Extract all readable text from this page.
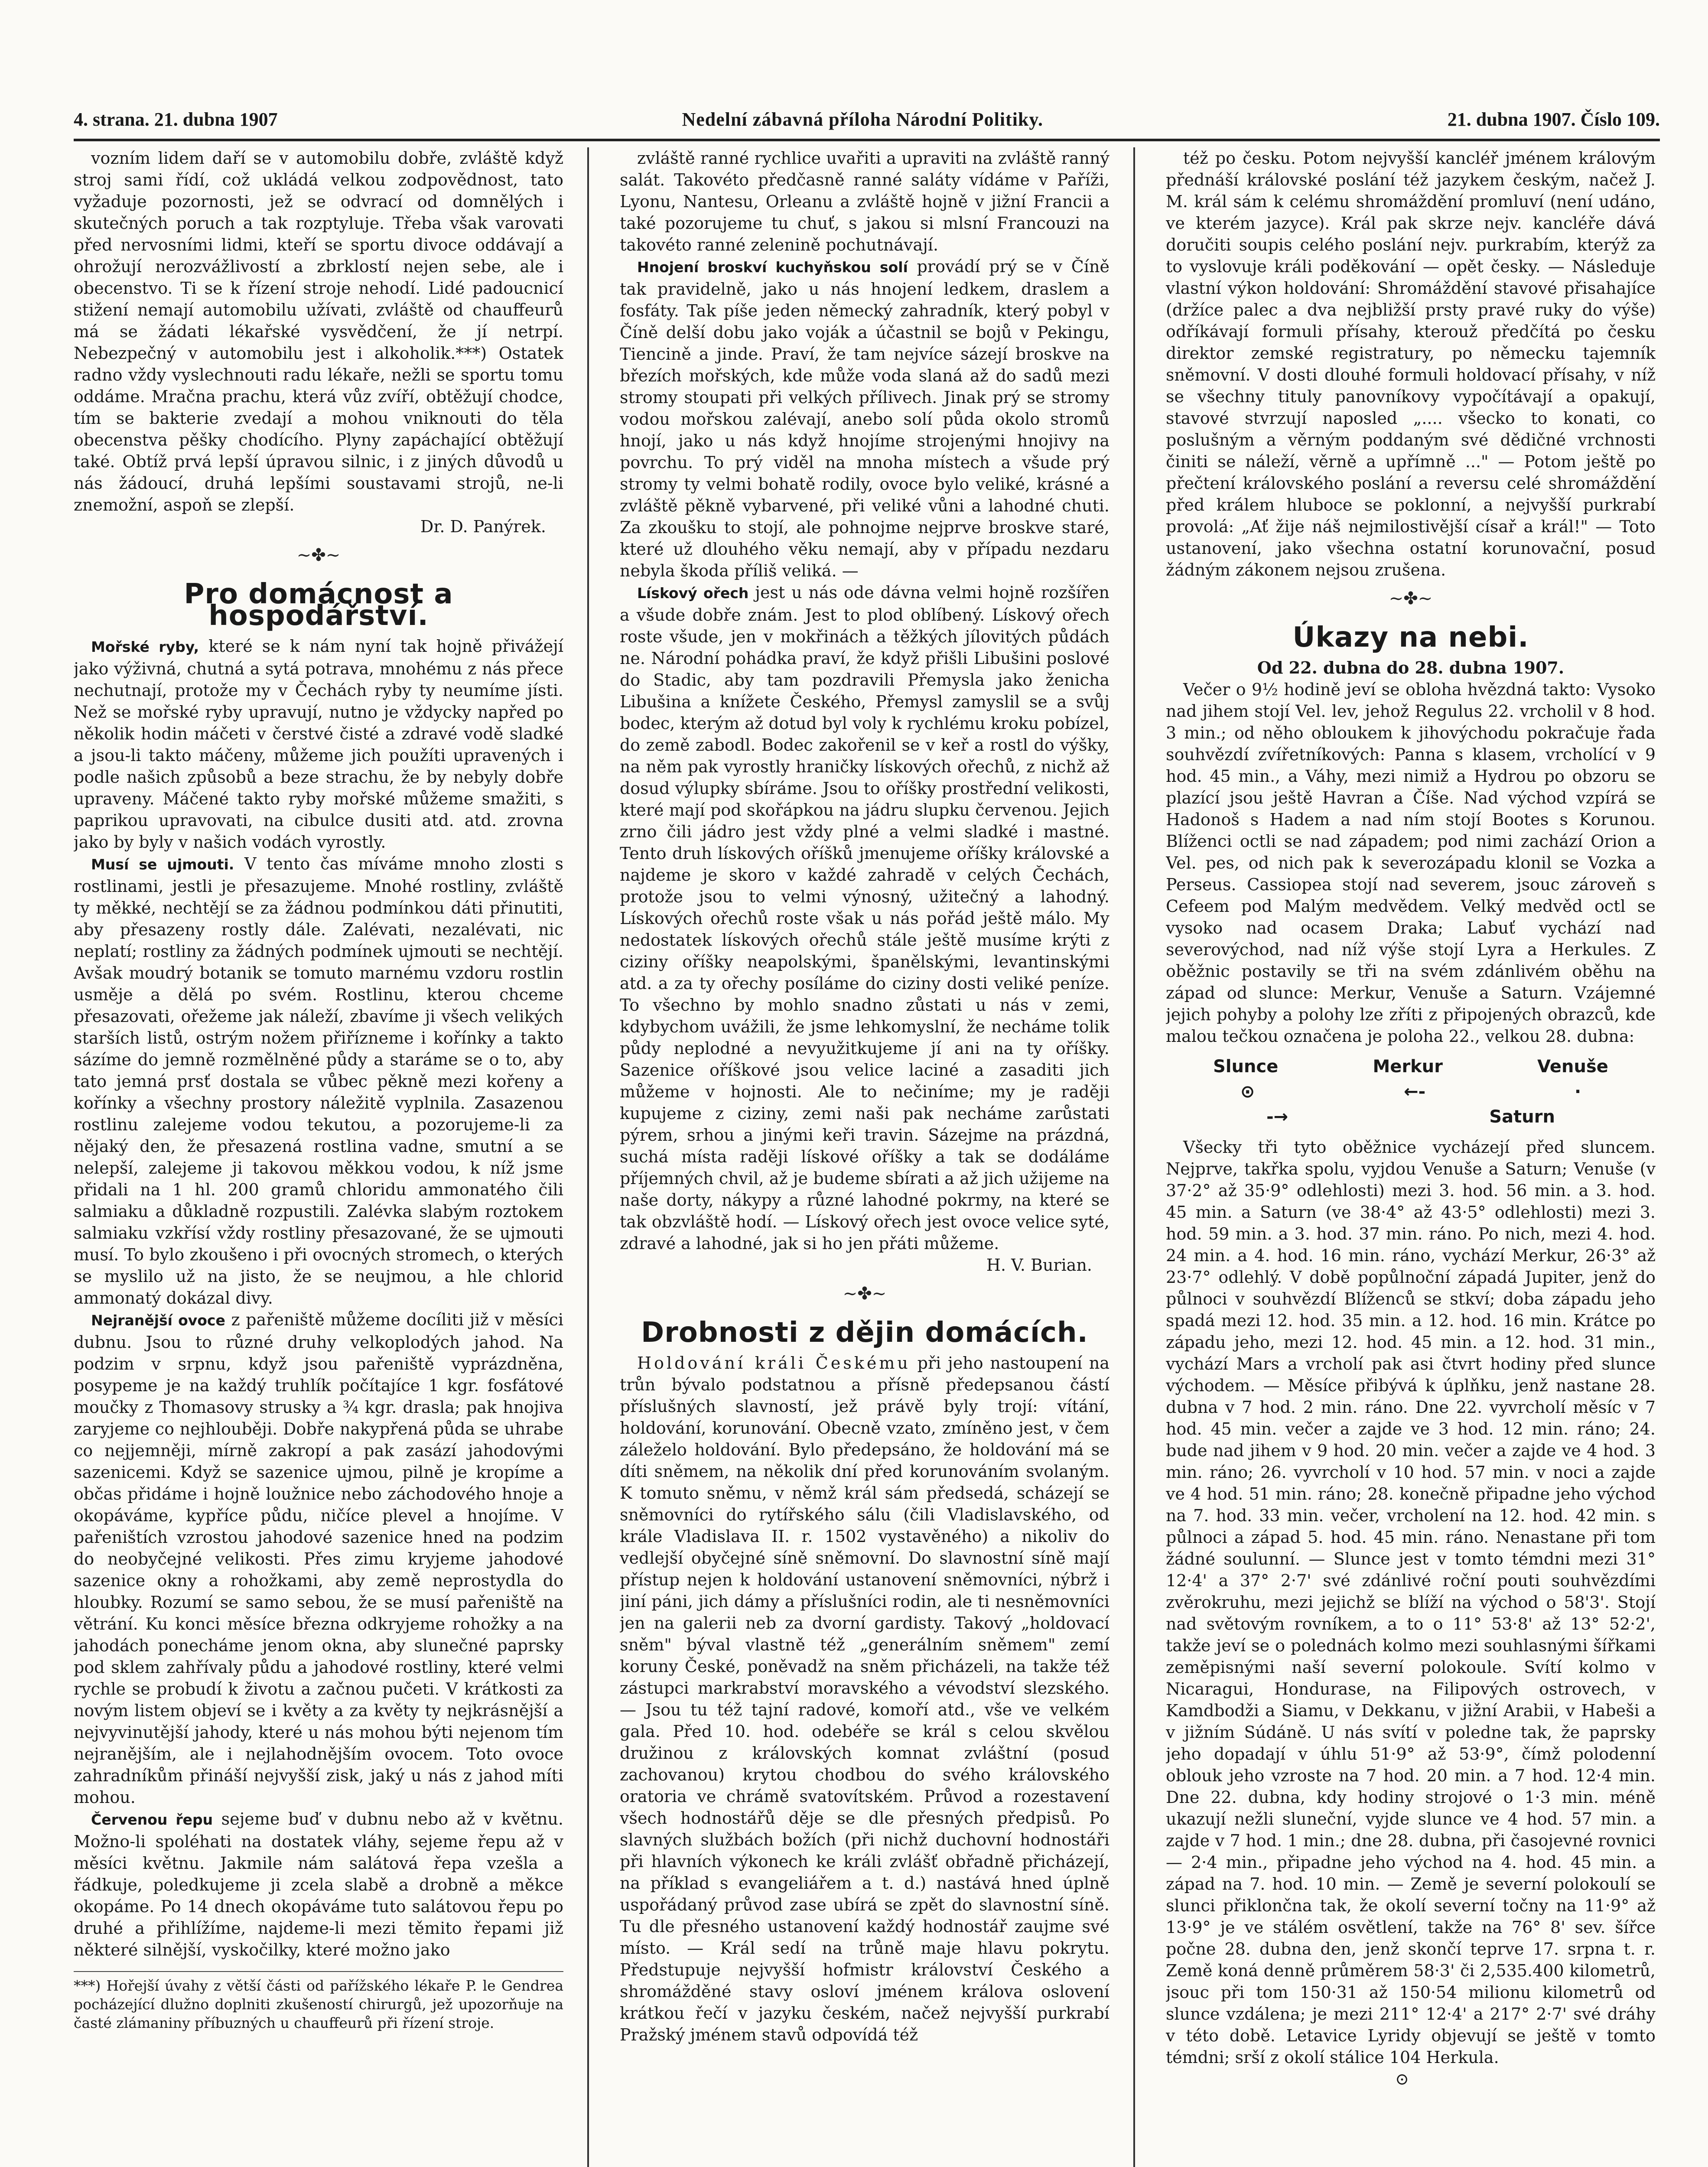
4. strana. 21. dubna 1907	Nedelní zábavná příloha Národní Politiky.	21. dubna 1907. Číslo 109.

vozním lidem daří se v automobilu dobře, zvláště když stroj sami řídí, což ukládá velkou zodpovědnost, tato vyžaduje pozornosti, jež se odvrací od domnělých i skutečných poruch a tak rozptyluje. Třeba však varovati před nervosními lidmi, kteří se sportu divoce oddávají a ohrožují nerozvážlivostí a zbrklostí nejen sebe, ale i obecenstvo. Ti se k řízení stroje nehodí. Lidé padoucnicí stižení nemají automobilu užívati, zvláště od chauffeurů má se žádati lékařské vysvědčení, že jí netrpí. Nebezpečný v automobilu jest i alkoholik.***) Ostatek radno vždy vyslechnouti radu lékaře, nežli se sportu tomu oddáme. Mračna prachu, která vůz zvíří, obtěžují chodce, tím se bakterie zvedají a mohou vniknouti do těla obecenstva pěšky chodícího. Plyny zapáchající obtěžují také. Obtíž prvá lepší úpravou silnic, i z jiných důvodů u nás žádoucí, druhá lepšími soustavami strojů, ne-li znemožní, aspoň se zlepší.

Dr. D. Panýrek.
~✤~
Pro domácnost a hospodářství.

Mořské ryby, které se k nám nyní tak hojně přivážejí jako výživná, chutná a sytá potrava, mnohému z nás přece nechutnají, protože my v Čechách ryby ty neumíme jísti. Než se mořské ryby upravují, nutno je vždycky napřed po několik hodin máčeti v čerstvé čisté a zdravé vodě sladké a jsou-li takto máčeny, můžeme jich použíti upravených i podle našich způsobů a beze strachu, že by nebyly dobře upraveny. Máčené takto ryby mořské můžeme smažiti, s paprikou upravovati, na cibulce dusiti atd. atd. zrovna jako by byly v našich vodách vyrostly.

Musí se ujmouti. V tento čas míváme mnoho zlosti s rostlinami, jestli je přesazujeme. Mnohé rostliny, zvláště ty měkké, nechtějí se za žádnou podmínkou dáti přinutiti, aby přesazeny rostly dále. Zalévati, nezalévati, nic neplatí; rostliny za žádných podmínek ujmouti se nechtějí. Avšak moudrý botanik se tomuto marnému vzdoru rostlin usměje a dělá po svém. Rostlinu, kterou chceme přesazovati, ořežeme jak náleží, zbavíme ji všech velikých starších listů, ostrým nožem přiřízneme i kořínky a takto sázíme do jemně rozmělněné půdy a staráme se o to, aby tato jemná prsť dostala se vůbec pěkně mezi kořeny a kořínky a všechny prostory náležitě vyplnila. Zasazenou rostlinu zalejeme vodou tekutou, a pozorujeme-li za nějaký den, že přesazená rostlina vadne, smutní a se nelepší, zalejeme ji takovou měkkou vodou, k níž jsme přidali na 1 hl. 200 gramů chloridu ammonatého čili salmiaku a důkladně rozpustili. Zalévka slabým roztokem salmiaku vzkřísí vždy rostliny přesazované, že se ujmouti musí. To bylo zkoušeno i při ovocných stromech, o kterých se myslilo už na jisto, že se neujmou, a hle chlorid ammonatý dokázal divy.

Nejranější ovoce z pařeniště můžeme docíliti již v měsíci dubnu. Jsou to různé druhy velkoplodých jahod. Na podzim v srpnu, když jsou pařeniště vyprázdněna, posypeme je na každý truhlík počítajíce 1 kgr. fosfátové moučky z Thomasovy strusky a ¾ kgr. drasla; pak hnojiva zaryjeme co nejhlouběji. Dobře nakypřená půda se uhrabe co nejjemněji, mírně zakropí a pak zasází jahodovými sazenicemi. Když se sazenice ujmou, pilně je kropíme a občas přidáme i hojně loužnice nebo záchodového hnoje a okopáváme, kypříce půdu, ničíce plevel a hnojíme. V pařeništích vzrostou jahodové sazenice hned na podzim do neobyčejné velikosti. Přes zimu kryjeme jahodové sazenice okny a rohožkami, aby země neprostydla do hloubky. Rozumí se samo sebou, že se musí pařeniště na větrání. Ku konci měsíce března odkryjeme rohožky a na jahodách ponecháme jenom okna, aby slunečné paprsky pod sklem zahřívaly půdu a jahodové rostliny, které velmi rychle se probudí k životu a začnou pučeti. V krátkosti za novým listem objeví se i květy a za květy ty nejkrásnější a nejvyvinutější jahody, které u nás mohou býti nejenom tím nejranějším, ale i nejlahodnějším ovocem. Toto ovoce zahradníkům přináší nejvyšší zisk, jaký u nás z jahod míti mohou.

Červenou řepu sejeme buď v dubnu nebo až v květnu. Možno-li spoléhati na dostatek vláhy, sejeme řepu až v měsíci květnu. Jakmile nám salátová řepa vzešla a řádkuje, poledkujeme ji zcela slabě a drobně a měkce okopáme. Po 14 dnech okopáváme tuto salátovou řepu po druhé a přihlížíme, najdeme-li mezi těmito řepami již některé silnější, vyskočilky, které možno jako

***) Hořejší úvahy z větší části od pařížského lékaře P. le Gendrea pocházející dlužno doplniti zkušeností chirurgů, jež upozorňuje na časté zlámaniny příbuzných u chauffeurů při řízení stroje.

zvláště ranné rychlice uvařiti a upraviti na zvláště ranný salát. Takovéto předčasně ranné saláty vídáme v Paříži, Lyonu, Nantesu, Orleanu a zvláště hojně v jižní Francii a také pozorujeme tu chuť, s jakou si mlsní Francouzi na takovéto ranné zelenině pochutnávají.

Hnojení broskví kuchyňskou solí provádí prý se v Číně tak pravidelně, jako u nás hnojení ledkem, draslem a fosfáty. Tak píše jeden německý zahradník, který pobyl v Číně delší dobu jako voják a účastnil se bojů v Pekingu, Tiencině a jinde. Praví, že tam nejvíce sázejí broskve na březích mořských, kde může voda slaná až do sadů mezi stromy stoupati při velkých přílivech. Jinak prý se stromy vodou mořskou zalévají, anebo solí půda okolo stromů hnojí, jako u nás když hnojíme strojenými hnojivy na povrchu. To prý viděl na mnoha místech a všude prý stromy ty velmi bohatě rodily, ovoce bylo veliké, krásné a zvláště pěkně vybarvené, při veliké vůni a lahodné chuti. Za zkoušku to stojí, ale pohnojme nejprve broskve staré, které už dlouhého věku nemají, aby v případu nezdaru nebyla škoda příliš veliká. —

Lískový ořech jest u nás ode dávna velmi hojně rozšířen a všude dobře znám. Jest to plod oblíbený. Lískový ořech roste všude, jen v mokřinách a těžkých jílovitých půdách ne. Národní pohádka praví, že když přišli Libušini poslové do Stadic, aby tam pozdravili Přemysla jako ženicha Libušina a knížete Českého, Přemysl zamyslil se a svůj bodec, kterým až dotud byl voly k rychlému kroku pobízel, do země zabodl. Bodec zakořenil se v keř a rostl do výšky, na něm pak vyrostly hraničky lískových ořechů, z nichž až dosud výlupky sbíráme. Jsou to oříšky prostřední velikosti, které mají pod skořápkou na jádru slupku červenou. Jejich zrno čili jádro jest vždy plné a velmi sladké i mastné. Tento druh lískových oříšků jmenujeme oříšky královské a najdeme je skoro v každé zahradě v celých Čechách, protože jsou to velmi výnosný, užitečný a lahodný. Lískových ořechů roste však u nás pořád ještě málo. My nedostatek lískových ořechů stále ještě musíme krýti z ciziny oříšky neapolskými, španělskými, levantinskými atd. a za ty ořechy posíláme do ciziny dosti veliké peníze. To všechno by mohlo snadno zůstati u nás v zemi, kdybychom uvážili, že jsme lehkomyslní, že necháme tolik půdy neplodné a nevyužitkujeme jí ani na ty oříšky. Sazenice oříškové jsou velice laciné a zasaditi jich můžeme v hojnosti. Ale to nečiníme; my je raději kupujeme z ciziny, zemi naši pak necháme zarůstati pýrem, srhou a jinými keři travin. Sázejme na prázdná, suchá místa raději lískové oříšky a tak se dodáláme příjemných chvil, až je budeme sbírati a až jich užijeme na naše dorty, nákypy a různé lahodné pokrmy, na které se tak obzvláště hodí. — Lískový ořech jest ovoce velice syté, zdravé a lahodné, jak si ho jen přáti můžeme.

H. V. Burian.
~✤~
Drobnosti z dějin domácích.

Holdování králi Českému při jeho nastoupení na trůn bývalo podstatnou a přísně předepsanou částí příslušných slavností, jež právě byly trojí: vítání, holdování, korunování. Obecně vzato, zmíněno jest, v čem záleželo holdování. Bylo předepsáno, že holdování má se díti sněmem, na několik dní před korunováním svolaným. K tomuto sněmu, v němž král sám předsedá, scházejí se sněmovníci do rytířského sálu (čili Vladislavského, od krále Vladislava II. r. 1502 vystavěného) a nikoliv do vedlejší obyčejné síně sněmovní. Do slavnostní síně mají přístup nejen k holdování ustanovení sněmovníci, nýbrž i jiní páni, jich dámy a příslušníci rodin, ale ti nesněmovníci jen na galerii neb za dvorní gardisty. Takový „holdovací sněm" býval vlastně též „generálním sněmem" zemí koruny České, poněvadž na sněm přicházeli, na takže též zástupci markrabství moravského a vévodství slezského. — Jsou tu též tajní radové, komoří atd., vše ve velkém gala. Před 10. hod. odebéře se král s celou skvělou družinou z královských komnat zvláštní (posud zachovanou) krytou chodbou do svého královského oratoria ve chrámě svatovítském. Průvod a rozestavení všech hodnostářů děje se dle přesných předpisů. Po slavných službách božích (při nichž duchovní hodnostáři při hlavních výkonech ke králi zvlášť obřadně přicházejí, na příklad s evangeliářem a t. d.) nastává hned úplně uspořádaný průvod zase ubírá se zpět do slavnostní síně. Tu dle přesného ustanovení každý hodnostář zaujme své místo. — Král sedí na trůně maje hlavu pokrytu. Předstupuje nejvyšší hofmistr království Českého a shromážděné stavy osloví jménem králova oslovení krátkou řečí v jazyku českém, načež nejvyšší purkrabí Pražský jménem stavů odpovídá též

též po česku. Potom nejvyšší kancléř jménem královým přednáší královské poslání též jazykem českým, načež J. M. král sám k celému shromáždění promluví (není udáno, ve kterém jazyce). Král pak skrze nejv. kancléře dává doručiti soupis celého poslání nejv. purkrabím, kterýž za to vyslovuje králi poděkování — opět česky. — Následuje vlastní výkon holdování: Shromáždění stavové přisahajíce (držíce palec a dva nejbližší prsty pravé ruky do výše) odříkávají formuli přísahy, kterouž předčítá po česku direktor zemské registratury, po německu tajemník sněmovní. V dosti dlouhé formuli holdovací přísahy, v níž se všechny tituly panovníkovy vypočítávají a opakují, stavové stvrzují naposled „.... všecko to konati, co poslušným a věrným poddaným své dědičné vrchnosti činiti se náleží, věrně a upřímně ..." — Potom ještě po přečtení královského poslání a reversu celé shromáždění před králem hluboce se poklonní, a nejvyšší purkrabí provolá: „Ať žije náš nejmilostivější císař a král!" — Toto ustanovení, jako všechna ostatní korunovační, posud žádným zákonem nejsou zrušena.

~✤~
Úkazy na nebi.
Od 22. dubna do 28. dubna 1907.

Večer o 9½ hodině jeví se obloha hvězdná takto: Vysoko nad jihem stojí Vel. lev, jehož Regulus 22. vrcholil v 8 hod. 3 min.; od něho obloukem k jihovýchodu pokračuje řada souhvězdí zvířetníkových: Panna s klasem, vrcholící v 9 hod. 45 min., a Váhy, mezi nimiž a Hydrou po obzoru se plazící jsou ještě Havran a Číše. Nad východ vzpírá se Hadonoš s Hadem a nad ním stojí Bootes s Korunou. Blíženci octli se nad západem; pod nimi zachází Orion a Vel. pes, od nich pak k severozápadu klonil se Vozka a Perseus. Cassiopea stojí nad severem, jsouc zároveň s Cefeem pod Malým medvědem. Velký medvěd octl se vysoko nad ocasem Draka; Labuť vychází nad severovýchod, nad níž výše stojí Lyra a Herkules. Z oběžnic postavily se tři na svém zdánlivém oběhu na západ od slunce: Merkur, Venuše a Saturn. Vzájemné jejich pohyby a polohy lze zříti z připojených obrazců, kde malou tečkou označena je poloha 22., velkou 28. dubna:

Slunce	Merkur	Venuše
⊙	←-	·
-→	Saturn

Všecky tři tyto oběžnice vycházejí před sluncem. Nejprve, takřka spolu, vyjdou Venuše a Saturn; Venuše (v 37·2° až 35·9° odlehlosti) mezi 3. hod. 56 min. a 3. hod. 45 min. a Saturn (ve 38·4° až 43·5° odlehlosti) mezi 3. hod. 59 min. a 3. hod. 37 min. ráno. Po nich, mezi 4. hod. 24 min. a 4. hod. 16 min. ráno, vychází Merkur, 26·3° až 23·7° odlehlý. V době popůlnoční západá Jupiter, jenž do půlnoci v souhvězdí Blíženců se stkví; doba západu jeho spadá mezi 12. hod. 35 min. a 12. hod. 16 min. Krátce po západu jeho, mezi 12. hod. 45 min. a 12. hod. 31 min., vychází Mars a vrcholí pak asi čtvrt hodiny před slunce východem. — Měsíce přibývá k úplňku, jenž nastane 28. dubna v 7 hod. 2 min. ráno. Dne 22. vyvrcholí měsíc v 7 hod. 45 min. večer a zajde ve 3 hod. 12 min. ráno; 24. bude nad jihem v 9 hod. 20 min. večer a zajde ve 4 hod. 3 min. ráno; 26. vyvrcholí v 10 hod. 57 min. v noci a zajde ve 4 hod. 51 min. ráno; 28. konečně připadne jeho východ na 7. hod. 33 min. večer, vrcholení na 12. hod. 42 min. s půlnoci a západ 5. hod. 45 min. ráno. Nenastane při tom žádné soulunní. — Slunce jest v tomto témdni mezi 31° 12·4' a 37° 2·7' své zdánlivé roční pouti souhvězdími zvěrokruhu, mezi jejichž se blíží na východ o 58'3'. Stojí nad světovým rovníkem, a to o 11° 53·8' až 13° 52·2', takže jeví se o polednách kolmo mezi souhlasnými šířkami zeměpisnými naší severní polokoule. Svítí kolmo v Nicaragui, Hondurase, na Filipových ostrovech, v Kamdbodži a Siamu, v Dekkanu, v jižní Arabii, v Habeši a v jižním Súdáně. U nás svítí v poledne tak, že paprsky jeho dopadají v úhlu 51·9° až 53·9°, čímž polodenní oblouk jeho vzroste na 7 hod. 20 min. a 7 hod. 12·4 min. Dne 22. dubna, kdy hodiny strojové o 1·3 min. méně ukazují nežli sluneční, vyjde slunce ve 4 hod. 57 min. a zajde v 7 hod. 1 min.; dne 28. dubna, při časojevné rovnici — 2·4 min., připadne jeho východ na 4. hod. 45 min. a západ na 7. hod. 10 min. — Země je severní polokoulí se slunci přiklončna tak, že okolí severní točny na 11·9° až 13·9° je ve stálém osvětlení, takže na 76° 8' sev. šířce počne 28. dubna den, jenž skončí teprve 17. srpna t. r. Země koná denně průměrem 58·3' či 2,535.400 kilometrů, jsouc při tom 150·31 až 150·54 milionu kilometrů od slunce vzdálena; je mezi 211° 12·4' a 217° 2·7' své dráhy v této době. Letavice Lyridy objevují se ještě v tomto témdni; srší z okolí stálice 104 Herkula.

⊙
